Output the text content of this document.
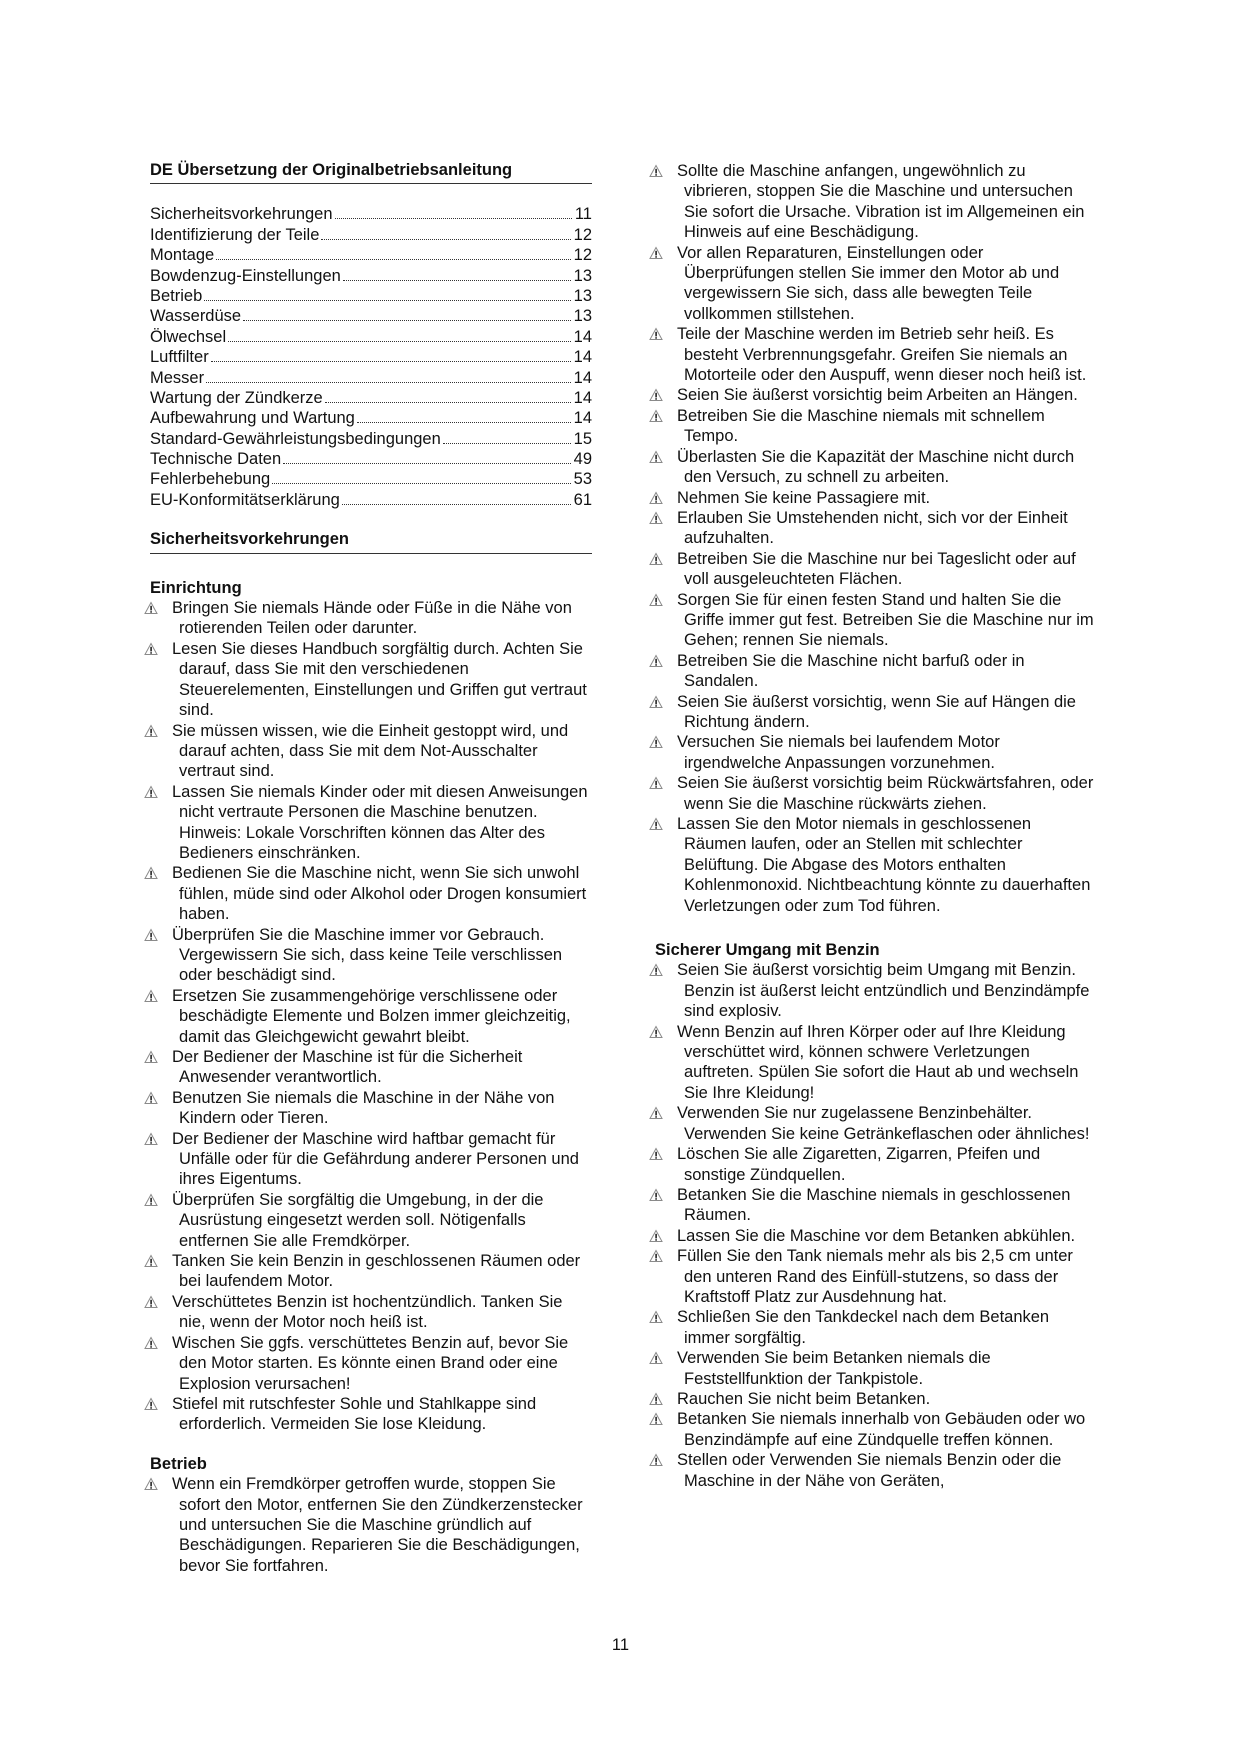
DE Übersetzung der Originalbetriebsanleitung
Sicherheitsvorkehrungen	11
Identifizierung der Teile	12
Montage	12
Bowdenzug-Einstellungen	13
Betrieb	13
Wasserdüse	13
Ölwechsel	14
Luftfilter	14
Messer	14
Wartung der Zündkerze	14
Aufbewahrung und Wartung	14
Standard-Gewährleistungsbedingungen	15
Technische Daten	49
Fehlerbehebung	53
EU-Konformitätserklärung	61
Sicherheitsvorkehrungen
Einrichtung
Bringen Sie niemals Hände oder Füße in die Nähe von rotierenden Teilen oder darunter.
Lesen Sie dieses Handbuch sorgfältig durch. Achten Sie darauf, dass Sie mit den verschiedenen Steuerelementen, Einstellungen und Griffen gut vertraut sind.
Sie müssen wissen, wie die Einheit gestoppt wird, und darauf achten, dass Sie mit dem Not-Ausschalter vertraut sind.
Lassen Sie niemals Kinder oder mit diesen Anweisungen nicht vertraute Personen die Maschine benutzen. Hinweis: Lokale Vorschriften können das Alter des Bedieners einschränken.
Bedienen Sie die Maschine nicht, wenn Sie sich unwohl fühlen, müde sind oder Alkohol oder Drogen konsumiert haben.
Überprüfen Sie die Maschine immer vor Gebrauch. Vergewissern Sie sich, dass keine Teile verschlissen oder beschädigt sind.
Ersetzen Sie zusammengehörige verschlissene oder beschädigte Elemente und Bolzen immer gleichzeitig, damit das Gleichgewicht gewahrt bleibt.
Der Bediener der Maschine ist für die Sicherheit Anwesender verantwortlich.
Benutzen Sie niemals die Maschine in der Nähe von Kindern oder Tieren.
Der Bediener der Maschine wird haftbar gemacht für Unfälle oder für die Gefährdung anderer Personen und ihres Eigentums.
Überprüfen Sie sorgfältig die Umgebung, in der die Ausrüstung eingesetzt werden soll. Nötigenfalls entfernen Sie alle Fremdkörper.
Tanken Sie kein Benzin in geschlossenen Räumen oder bei laufendem Motor.
Verschüttetes Benzin ist hochentzündlich. Tanken Sie nie, wenn der Motor noch heiß ist.
Wischen Sie ggfs. verschüttetes Benzin auf, bevor Sie den Motor starten. Es könnte einen Brand oder eine Explosion verursachen!
Stiefel mit rutschfester Sohle und Stahlkappe sind erforderlich. Vermeiden Sie lose Kleidung.
Betrieb
Wenn ein Fremdkörper getroffen wurde, stoppen Sie sofort den Motor, entfernen Sie den Zündkerzenstecker und untersuchen Sie die Maschine gründlich auf Beschädigungen. Reparieren Sie die Beschädigungen, bevor Sie fortfahren.
Sollte die Maschine anfangen, ungewöhnlich zu vibrieren, stoppen Sie die Maschine und untersuchen Sie sofort die Ursache. Vibration ist im Allgemeinen ein Hinweis auf eine Beschädigung.
Vor allen Reparaturen, Einstellungen oder Überprüfungen stellen Sie immer den Motor ab und vergewissern Sie sich, dass alle bewegten Teile vollkommen stillstehen.
Teile der Maschine werden im Betrieb sehr heiß. Es besteht Verbrennungsgefahr. Greifen Sie niemals an Motorteile oder den Auspuff, wenn dieser noch heiß ist.
Seien Sie äußerst vorsichtig beim Arbeiten an Hängen.
Betreiben Sie die Maschine niemals mit schnellem Tempo.
Überlasten Sie die Kapazität der Maschine nicht durch den Versuch, zu schnell zu arbeiten.
Nehmen Sie keine Passagiere mit.
Erlauben Sie Umstehenden nicht, sich vor der Einheit aufzuhalten.
Betreiben Sie die Maschine nur bei Tageslicht oder auf voll ausgeleuchteten Flächen.
Sorgen Sie für einen festen Stand und halten Sie die Griffe immer gut fest. Betreiben Sie die Maschine nur im Gehen; rennen Sie niemals.
Betreiben Sie die Maschine nicht barfuß oder in Sandalen.
Seien Sie äußerst vorsichtig, wenn Sie auf Hängen die Richtung ändern.
Versuchen Sie niemals bei laufendem Motor irgendwelche Anpassungen vorzunehmen.
Seien Sie äußerst vorsichtig beim Rückwärtsfahren, oder wenn Sie die Maschine rückwärts ziehen.
Lassen Sie den Motor niemals in geschlossenen Räumen laufen, oder an Stellen mit schlechter Belüftung. Die Abgase des Motors enthalten Kohlenmonoxid. Nichtbeachtung könnte zu dauerhaften Verletzungen oder zum Tod führen.
Sicherer Umgang mit Benzin
Seien Sie äußerst vorsichtig beim Umgang mit Benzin. Benzin ist äußerst leicht entzündlich und Benzindämpfe sind explosiv.
Wenn Benzin auf Ihren Körper oder auf Ihre Kleidung verschüttet wird, können schwere Verletzungen auftreten. Spülen Sie sofort die Haut ab und wechseln Sie Ihre Kleidung!
Verwenden Sie nur zugelassene Benzinbehälter. Verwenden Sie keine Getränkeflaschen oder ähnliches!
Löschen Sie alle Zigaretten, Zigarren, Pfeifen und sonstige Zündquellen.
Betanken Sie die Maschine niemals in geschlossenen Räumen.
Lassen Sie die Maschine vor dem Betanken abkühlen.
Füllen Sie den Tank niemals mehr als bis 2,5 cm unter den unteren Rand des Einfüll-stutzens, so dass der Kraftstoff Platz zur Ausdehnung hat.
Schließen Sie den Tankdeckel nach dem Betanken immer sorgfältig.
Verwenden Sie beim Betanken niemals die Feststellfunktion der Tankpistole.
Rauchen Sie nicht beim Betanken.
Betanken Sie niemals innerhalb von Gebäuden oder wo Benzindämpfe auf eine Zündquelle treffen können.
Stellen oder Verwenden Sie niemals Benzin oder die Maschine in der Nähe von Geräten,
11
